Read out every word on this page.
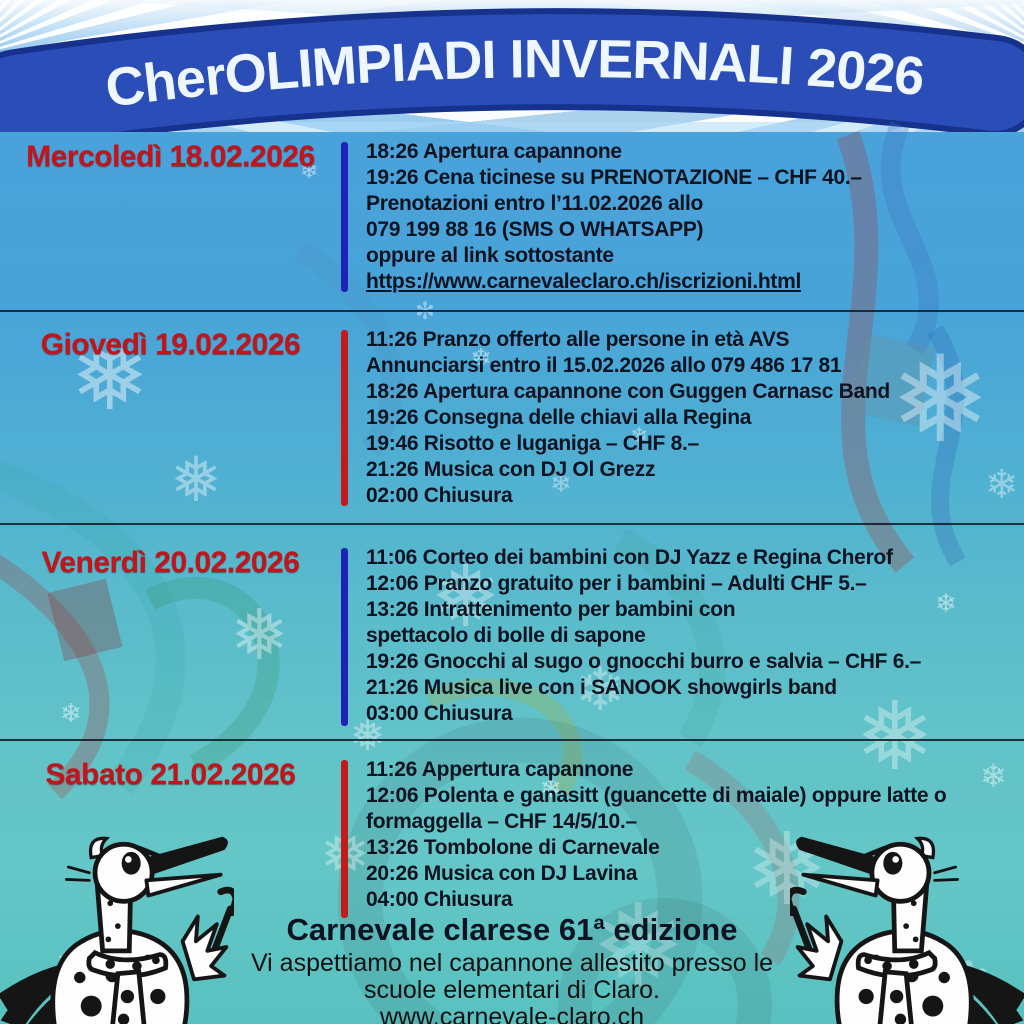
CherOLIMPIADI INVERNALI 2026
❄
❅
❄
❅
❄
❅
❄
❄
❅
❄
❅
❄
❄
❅
❅
❄
❄
❅
❅
❄
❅
✻
✻
Mercoledì 18.02.2026	18:26 Apertura capannone
19:26 Cena ticinese su PRENOTAZIONE – CHF 40.–
Prenotazioni entro l’11.02.2026 allo
079 199 88 16 (SMS O WHATSAPP)
oppure al link sottostante
https://www.carnevaleclaro.ch/iscrizioni.html
Giovedì 19.02.2026	11:26 Pranzo offerto alle persone in età AVS
Annunciarsi entro il 15.02.2026 allo 079 486 17 81
18:26 Apertura capannone con Guggen Carnasc Band
19:26 Consegna delle chiavi alla Regina
19:46 Risotto e luganiga – CHF 8.–
21:26 Musica con DJ Ol Grezz
02:00 Chiusura
Venerdì 20.02.2026	11:06 Corteo dei bambini con DJ Yazz e Regina Cherof
12:06 Pranzo gratuito per i bambini – Adulti CHF 5.–
13:26 Intrattenimento per bambini con
spettacolo di bolle di sapone
19:26 Gnocchi al sugo o gnocchi burro e salvia – CHF 6.–
21:26 Musica live con i SANOOK showgirls band
03:00 Chiusura
Sabato 21.02.2026	11:26 Appertura capannone
12:06 Polenta e ganasitt (guancette di maiale) oppure latte o
formaggella – CHF 14/5/10.–
13:26 Tombolone di Carnevale
20:26 Musica con DJ Lavina
04:00 Chiusura
Carnevale clarese 61ª edizione
Vi aspettiamo nel capannone allestito presso le
scuole elementari di Claro.
www.carnevale-claro.ch
